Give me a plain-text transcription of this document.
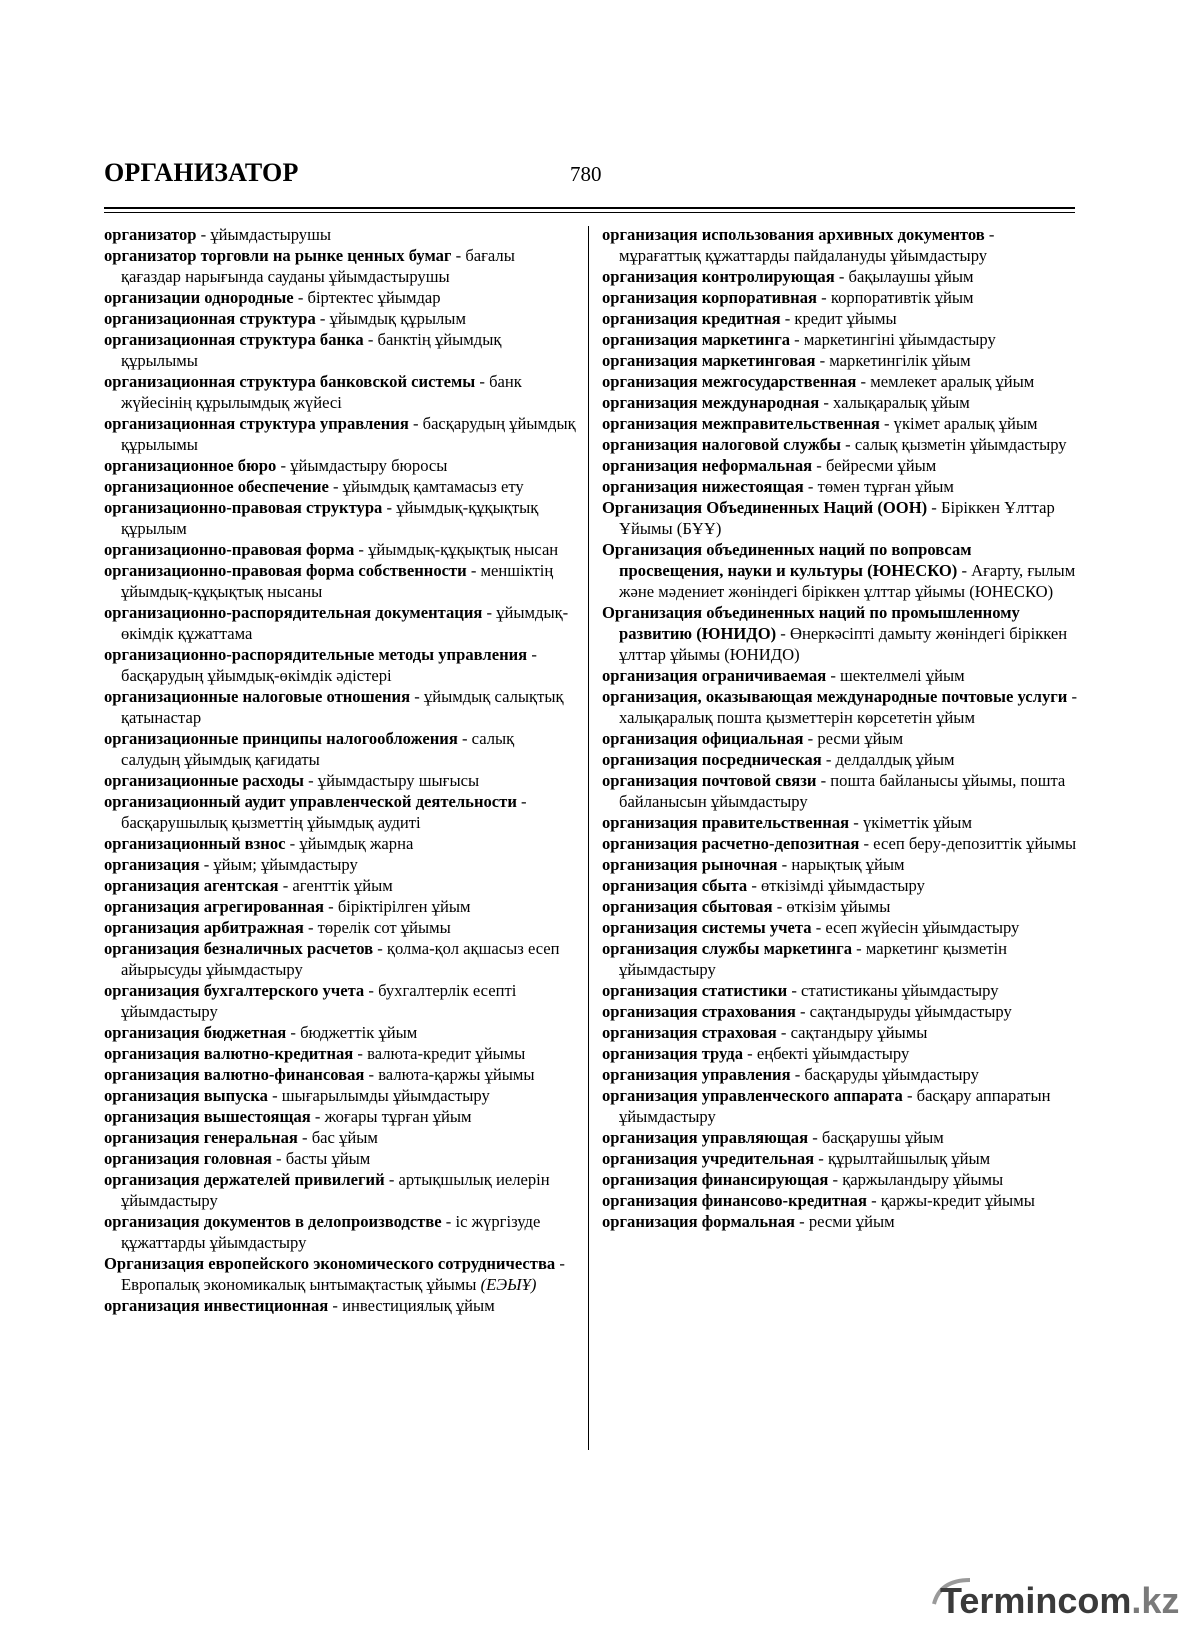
ОРГАНИЗАТОР	780

организатор - ұйымдастырушы

организатор торговли на рынке ценных бумаг - бағалы қағаздар нарығында сауданы ұйымдастырушы

организации однородные - біртектес ұйымдар

организационная структура - ұйымдық құрылым

организационная структура банка - банктің ұйымдық құрылымы

организационная структура банковской системы - банк жүйесінің құрылымдық жүйесі

организационная структура управления - басқарудың ұйымдық құрылымы

организационное бюро - ұйымдастыру бюросы

организационное обеспечение - ұйымдық қамтамасыз ету

организационно-правовая структура - ұйымдық-құқықтық құрылым

организационно-правовая форма - ұйымдық-құқықтық нысан

организационно-правовая форма собственности - меншіктің ұйымдық-құқықтық нысаны

организационно-распорядительная документация - ұйымдық-өкімдік құжаттама

организационно-распорядительные методы управления - басқарудың ұйымдық-өкімдік әдістері

организационные налоговые отношения - ұйымдық салықтық қатынастар

организационные принципы налогообложения - салық салудың ұйымдық қағидаты

организационные расходы - ұйымдастыру шығысы

организационный аудит управленческой деятельности - басқарушылық қызметтің ұйымдық аудиті

организационный взнос - ұйымдық жарна

организация - ұйым; ұйымдастыру

организация агентская - агенттік ұйым

организация агрегированная - біріктірілген ұйым

организация арбитражная - төрелік сот ұйымы

организация безналичных расчетов - қолма-қол ақшасыз есеп айырысуды ұйымдастыру

организация бухгалтерского учета - бухгалтерлік есепті ұйымдастыру

организация бюджетная - бюджеттік ұйым

организация валютно-кредитная - валюта-кредит ұйымы

организация валютно-финансовая - валюта-қаржы ұйымы

организация выпуска - шығарылымды ұйымдастыру

организация вышестоящая - жоғары тұрған ұйым

организация генеральная - бас ұйым

организация головная - басты ұйым

организация держателей привилегий - артықшылық иелерін ұйымдастыру

организация документов в делопроизводстве - іс жүргізуде құжаттарды ұйымдастыру

Организация европейского экономического сотрудничества - Европалық экономикалық ынтымақтастық ұйымы (ЕЭЫҰ)

организация инвестиционная - инвестициялық ұйым

организация использования архивных документов - мұрағаттық құжаттарды пайдалануды ұйымдастыру

организация контролирующая - бақылаушы ұйым

организация корпоративная - корпоративтік ұйым

организация кредитная - кредит ұйымы

организация маркетинга - маркетингіні ұйымдастыру

организация маркетинговая - маркетингілік ұйым

организация межгосударственная - мемлекет аралық ұйым

организация международная - халықаралық ұйым

организация межправительственная - үкімет аралық ұйым

организация налоговой службы - салық қызметін ұйымдастыру

организация неформальная - бейресми ұйым

организация нижестоящая - төмен тұрған ұйым

Организация Объединенных Наций (ООН) - Біріккен Ұлттар Ұйымы (БҰҰ)

Организация объединенных наций по вопровсам просвещения, науки и культуры (ЮНЕСКО) - Ағарту, ғылым және мәдениет жөніндегі біріккен ұлттар ұйымы (ЮНЕСКО)

Организация объединенных наций по промышленному развитию (ЮНИДО) - Өнеркәсіпті дамыту жөніндегі біріккен ұлттар ұйымы (ЮНИДО)

организация ограничиваемая - шектелмелі ұйым

организация, оказывающая международные почтовые услуги - халықаралық пошта қызметтерін көрсететін ұйым

организация официальная - ресми ұйым

организация посредническая - делдалдық ұйым

организация почтовой связи - пошта байланысы ұйымы, пошта байланысын ұйымдастыру

организация правительственная - үкіметтік ұйым

организация расчетно-депозитная - есеп беру-депозиттік ұйымы

организация рыночная - нарықтық ұйым

организация сбыта - өткізімді ұйымдастыру

организация сбытовая - өткізім ұйымы

организация системы учета - есеп жүйесін ұйымдастыру

организация службы маркетинга - маркетинг қызметін ұйымдастыру

организация статистики - статистиканы ұйымдастыру

организация страхования - сақтандыруды ұйымдастыру

организация страховая - сақтандыру ұйымы

организация труда - еңбекті ұйымдастыру

организация управления - басқаруды ұйымдастыру

организация управленческого аппарата - басқару аппаратын ұйымдастыру

организация управляющая - басқарушы ұйым

организация учредительная - құрылтайшылық ұйым

организация финансирующая - қаржыландыру ұйымы

организация финансово-кредитная - қаржы-кредит ұйымы

организация формальная - ресми ұйым

Termincom.kz
